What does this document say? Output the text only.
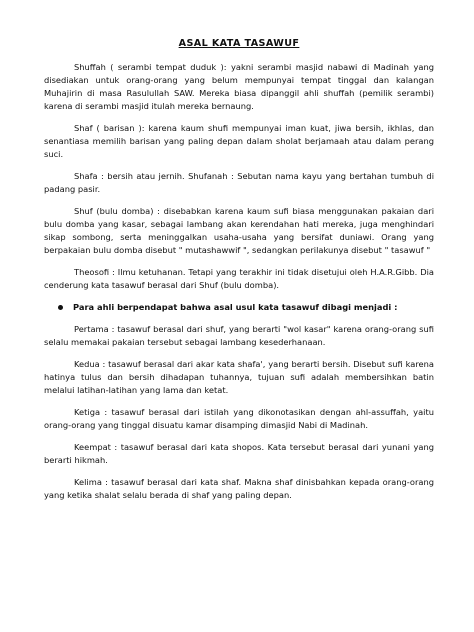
ASAL KATA TASAWUF

Shuffah ( serambi tempat duduk ): yakni serambi masjid nabawi di Madinah yang disediakan untuk orang-orang yang belum mempunyai tempat tinggal dan kalangan Muhajirin di masa Rasulullah SAW. Mereka biasa dipanggil ahli shuffah (pemilik serambi) karena di serambi masjid itulah mereka bernaung.

Shaf ( barisan ): karena kaum shufi mempunyai iman kuat, jiwa bersih, ikhlas, dan senantiasa memilih barisan yang paling depan dalam sholat berjamaah atau dalam perang suci.

Shafa : bersih atau jernih. Shufanah : Sebutan nama kayu yang bertahan tumbuh di padang pasir.

Shuf (bulu domba) : disebabkan karena kaum sufi biasa menggunakan pakaian dari bulu domba yang kasar, sebagai lambang akan kerendahan hati mereka, juga menghindari sikap sombong, serta meninggalkan usaha-usaha yang bersifat duniawi. Orang yang berpakaian bulu domba disebut " mutashawwif ", sedangkan perilakunya disebut " tasawuf "

Theosofi : Ilmu ketuhanan. Tetapi yang terakhir ini tidak disetujui oleh H.A.R.Gibb. Dia cenderung kata tasawuf berasal dari Shuf (bulu domba).

Para ahli berpendapat bahwa asal usul kata tasawuf dibagi menjadi :

Pertama : tasawuf berasal dari shuf, yang berarti "wol kasar" karena orang-orang sufi selalu memakai pakaian tersebut sebagai lambang kesederhanaan.

Kedua : tasawuf berasal dari akar kata shafa', yang berarti bersih. Disebut sufi karena hatinya tulus dan bersih dihadapan tuhannya, tujuan sufi adalah membersihkan batin melalui latihan-latihan yang lama dan ketat.

Ketiga : tasawuf berasal dari istilah yang dikonotasikan dengan ahl-assuffah, yaitu orang-orang yang tinggal disuatu kamar disamping dimasjid Nabi di Madinah.

Keempat : tasawuf berasal dari kata shopos. Kata tersebut berasal dari yunani yang berarti hikmah.

Kelima : tasawuf berasal dari kata shaf. Makna shaf dinisbahkan kepada orang-orang yang ketika shalat selalu berada di shaf yang paling depan.
